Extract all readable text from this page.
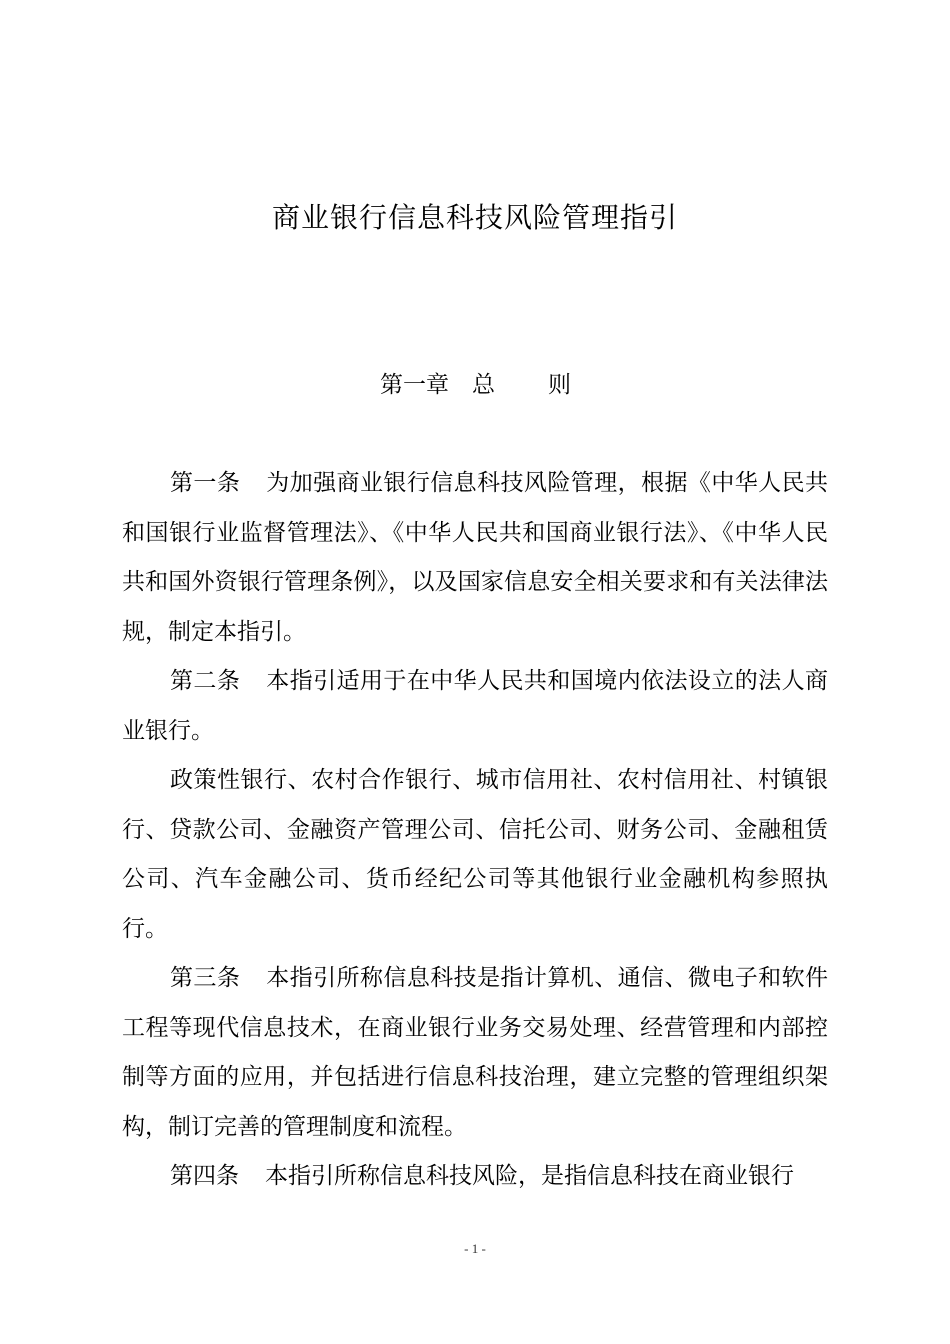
商业银行信息科技风险管理指引
第一章　 总 则

第一条 为加强商业银行信息科技风险管理，根据《中华人民共和国银行业监督管理法》、《中华人民共和国商业银行法》、《中华人民共和国外资银行管理条例》，以及国家信息安全相关要求和有关法律法规，制定本指引。

第二条 本指引适用于在中华人民共和国境内依法设立的法人商业银行。

政策性银行、农村合作银行、城市信用社、农村信用社、村镇银行、贷款公司、金融资产管理公司、信托公司、财务公司、金融租赁公司、汽车金融公司、货币经纪公司等其他银行业金融机构参照执行。

第三条 本指引所称信息科技是指计算机、通信、微电子和软件工程等现代信息技术，在商业银行业务交易处理、经营管理和内部控制等方面的应用，并包括进行信息科技治理，建立完整的管理组织架构，制订完善的管理制度和流程。

第四条 本指引所称信息科技风险，是指信息科技在商业银行

- 1 -
